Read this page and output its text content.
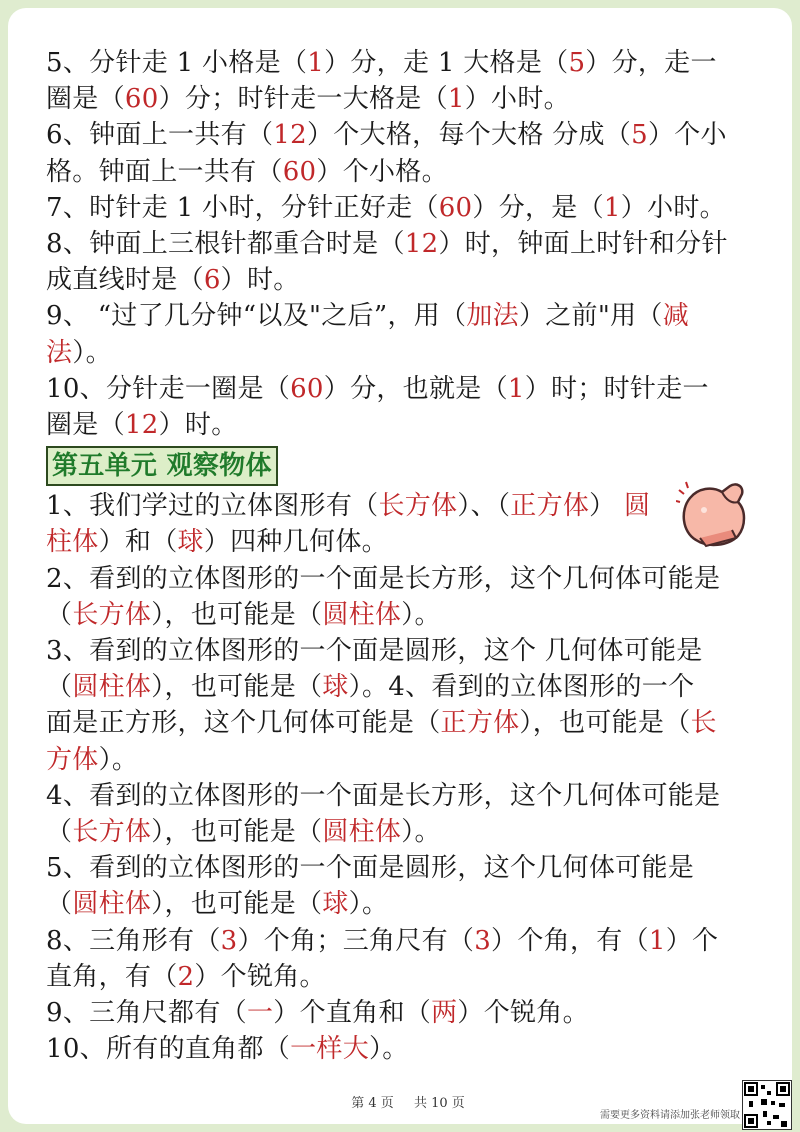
5、分针走 1 小格是（1）分，走 1 大格是（5）分，走一
圈是（60）分；时针走一大格是（1）小时。
6、钟面上一共有（12）个大格，每个大格 分成（5）个小
格。钟面上一共有（60）个小格。
7、时针走 1 小时，分针正好走（60）分，是（1）小时。
8、钟面上三根针都重合时是（12）时，钟面上时针和分针
成直线时是（6）时。
9、 “过了几分钟“以及"之后”，用（加法）之前"用（减
法）。
10、分针走一圈是（60）分，也就是（1）时；时针走一
圈是（12）时。
第五单元 观察物体
1、我们学过的立体图形有（长方体）、（正方体） 圆
柱体）和（球）四种几何体。
2、看到的立体图形的一个面是长方形，这个几何体可能是
（长方体），也可能是（圆柱体）。
3、看到的立体图形的一个面是圆形，这个 几何体可能是
（圆柱体），也可能是（球）。4、看到的立体图形的一个
面是正方形，这个几何体可能是（正方体），也可能是（长
方体）。
4、看到的立体图形的一个面是长方形，这个几何体可能是
（长方体），也可能是（圆柱体）。
5、看到的立体图形的一个面是圆形，这个几何体可能是
（圆柱体），也可能是（球）。
8、三角形有（3）个角；三角尺有（3）个角，有（1）个
直角，有（2）个锐角。
9、三角尺都有（一）个直角和（两）个锐角。
10、所有的直角都（一样大）。
第 4 页 共 10 页
需要更多资料请添加张老师领取
